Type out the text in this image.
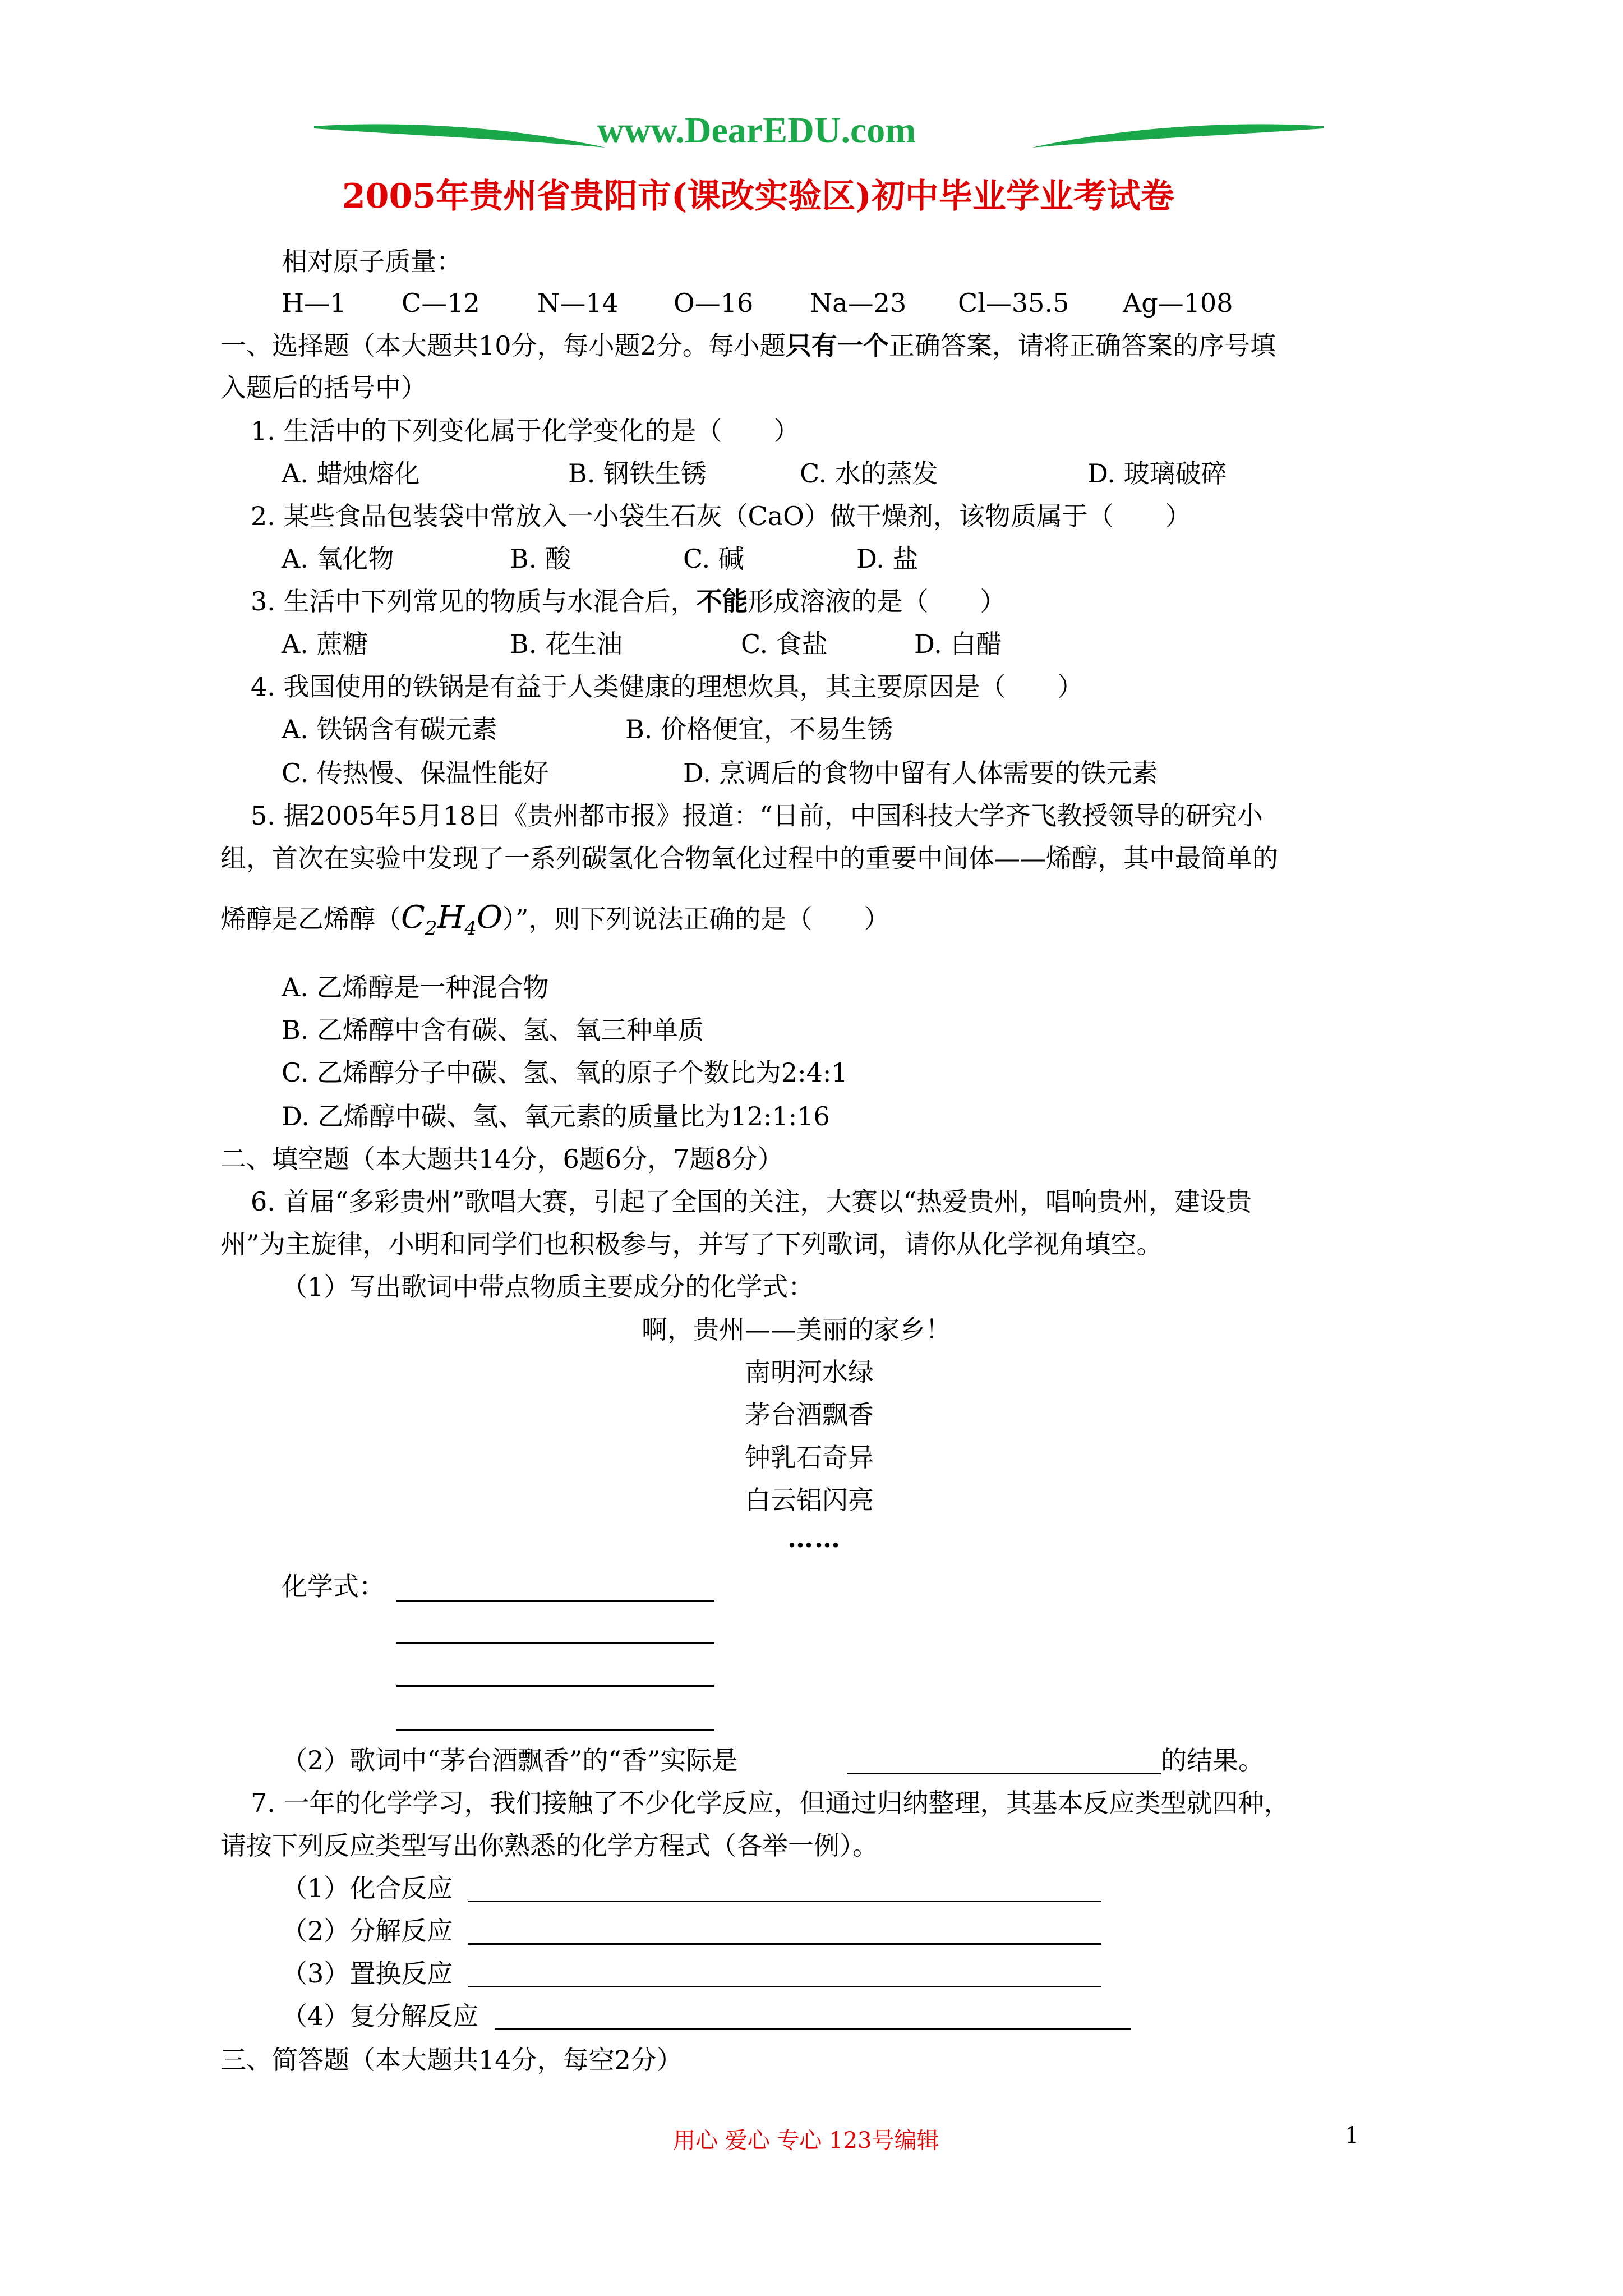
www.DearEDU.com
2005年贵州省贵阳市(课改实验区)初中毕业学业考试卷
相对原子质量：
H—1 C—12 N—14 O—16 Na—23 Cl—35.5 Ag—108
一、选择题（本大题共10分，每小题2分。每小题只有一个正确答案，请将正确答案的序号填
入题后的括号中）
1. 生活中的下列变化属于化学变化的是（　　）
A. 蜡烛熔化	B. 钢铁生锈	C. 水的蒸发	D. 玻璃破碎
2. 某些食品包装袋中常放入一小袋生石灰（CaO）做干燥剂，该物质属于（　　）
A. 氧化物	B. 酸	C. 碱	D. 盐
3. 生活中下列常见的物质与水混合后，不能形成溶液的是（　　）
A. 蔗糖	B. 花生油	C. 食盐	D. 白醋
4. 我国使用的铁锅是有益于人类健康的理想炊具，其主要原因是（　　）
A. 铁锅含有碳元素	B. 价格便宜，不易生锈
C. 传热慢、保温性能好	D. 烹调后的食物中留有人体需要的铁元素
5. 据2005年5月18日《贵州都市报》报道：“日前，中国科技大学齐飞教授领导的研究小
组，首次在实验中发现了一系列碳氢化合物氧化过程中的重要中间体——烯醇，其中最简单的
烯醇是乙烯醇$(C_2H_4O)$”，则下列说法正确的是（　　）
A. 乙烯醇是一种混合物
B. 乙烯醇中含有碳、氢、氧三种单质
C. 乙烯醇分子中碳、氢、氧的原子个数比为2:4:1
D. 乙烯醇中碳、氢、氧元素的质量比为12:1:16
二、填空题（本大题共14分，6题6分，7题8分）
6. 首届“多彩贵州”歌唱大赛，引起了全国的关注，大赛以“热爱贵州，唱响贵州，建设贵
州”为主旋律，小明和同学们也积极参与，并写了下列歌词，请你从化学视角填空。
（1）写出歌词中带点物质主要成分的化学式：
啊，贵州——美丽的家乡！
南明河水绿
茅台酒飘香
钟乳石奇异
白云铝闪亮
……
化学式：
（2）歌词中“茅台酒飘香”的“香”实际是	的结果。
7. 一年的化学学习，我们接触了不少化学反应，但通过归纳整理，其基本反应类型就四种，
请按下列反应类型写出你熟悉的化学方程式（各举一例）。
（1）化合反应
（2）分解反应
（3）置换反应
（4）复分解反应
三、简答题（本大题共14分，每空2分）
用心 爱心 专心 123号编辑	1
